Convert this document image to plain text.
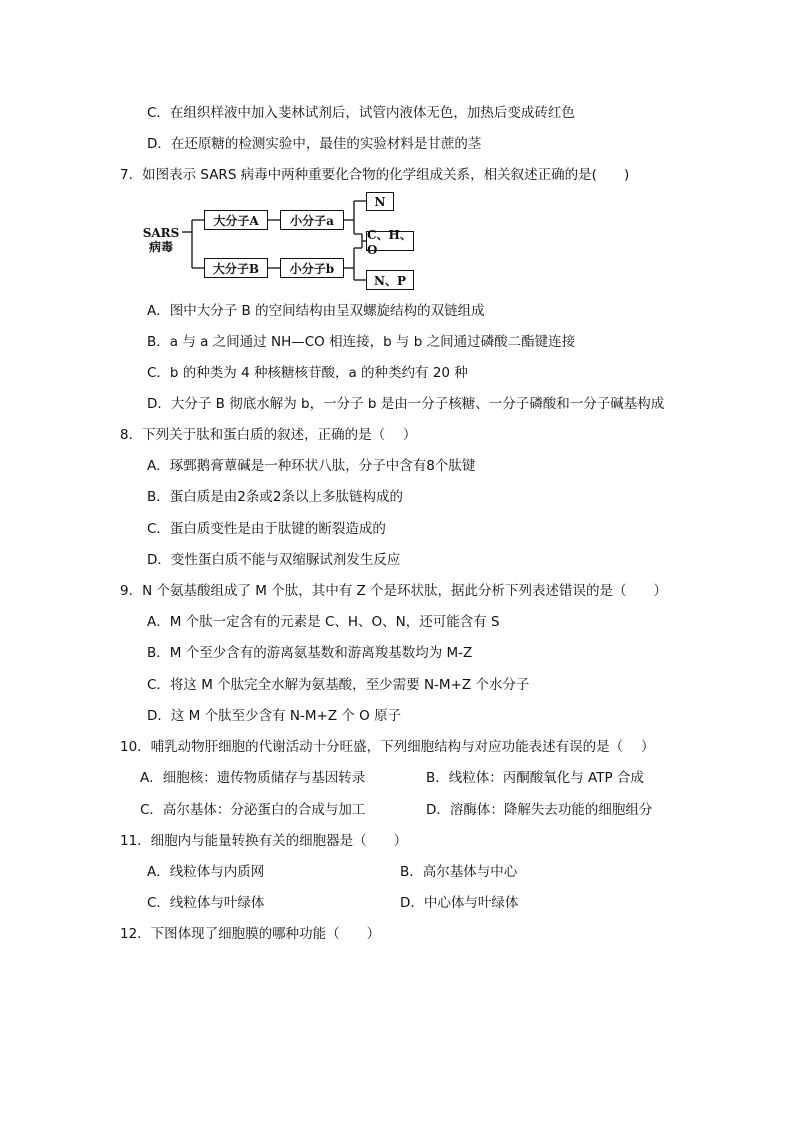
C．在组织样液中加入斐林试剂后，试管内液体无色，加热后变成砖红色
D．在还原糖的检测实验中，最佳的实验材料是甘蔗的茎
7．如图表示 SARS 病毒中两种重要化合物的化学组成关系，相关叙述正确的是(　　)
SARS
病毒
大分子A	小分子a
大分子B	小分子b
N
C、H、O
N、P
A．图中大分子 B 的空间结构由呈双螺旋结构的双链组成
B．a 与 a 之间通过 NH—CO 相连接，b 与 b 之间通过磷酸二酯键连接
C．b 的种类为 4 种核糖核苷酸，a 的种类约有 20 种
D．大分子 B 彻底水解为 b，一分子 b 是由一分子核糖、一分子磷酸和一分子碱基构成
8．下列关于肽和蛋白质的叙述，正确的是（　 ）
A．琢鄄鹅膏蕈碱是一种环状八肽，分子中含有8个肽键
B．蛋白质是由2条或2条以上多肽链构成的
C．蛋白质变性是由于肽键的断裂造成的
D．变性蛋白质不能与双缩脲试剂发生反应
9．N 个氨基酸组成了 M 个肽，其中有 Z 个是环状肽，据此分析下列表述错误的是（　　）
A．M 个肽一定含有的元素是 C、H、O、N，还可能含有 S
B．M 个至少含有的游离氨基数和游离羧基数均为 M-Z
C．将这 M 个肽完全水解为氨基酸，至少需要 N-M+Z 个水分子
D．这 M 个肽至少含有 N-M+Z 个 O 原子
10．哺乳动物肝细胞的代谢活动十分旺盛，下列细胞结构与对应功能表述有误的是（　 ）
A．细胞核：遗传物质储存与基因转录	B．线粒体：丙酮酸氧化与 ATP 合成
C．高尔基体：分泌蛋白的合成与加工	D．溶酶体：降解失去功能的细胞组分
11．细胞内与能量转换有关的细胞器是（　　）
A．线粒体与内质网	B．高尔基体与中心
C．线粒体与叶绿体	D．中心体与叶绿体
12．下图体现了细胞膜的哪种功能（　　）
